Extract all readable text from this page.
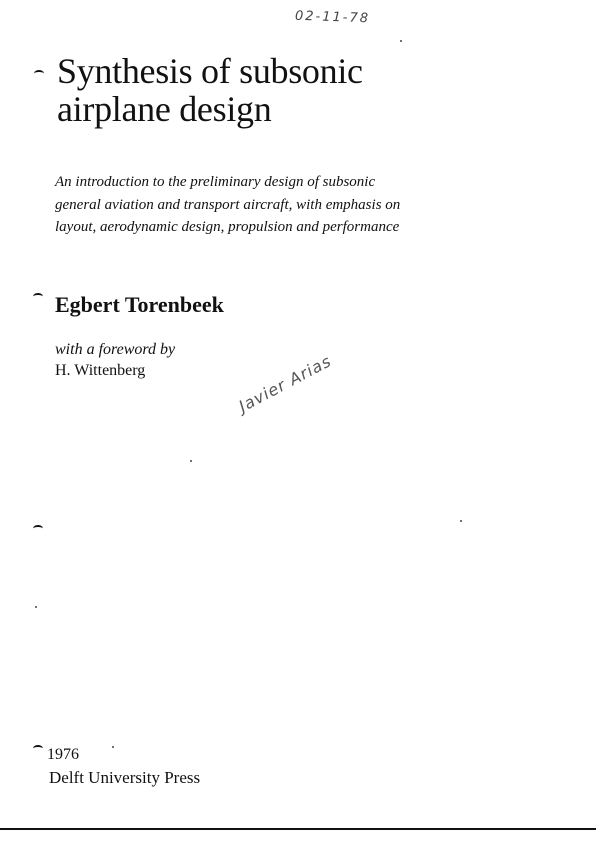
02-11-78
Synthesis of subsonic
airplane design

An introduction to the preliminary design of subsonic
general aviation and transport aircraft, with emphasis on
layout, aerodynamic design, propulsion and performance

Egbert Torenbeek
with a foreword by
H. Wittenberg	Javier Arias
1976
Delft University Press
